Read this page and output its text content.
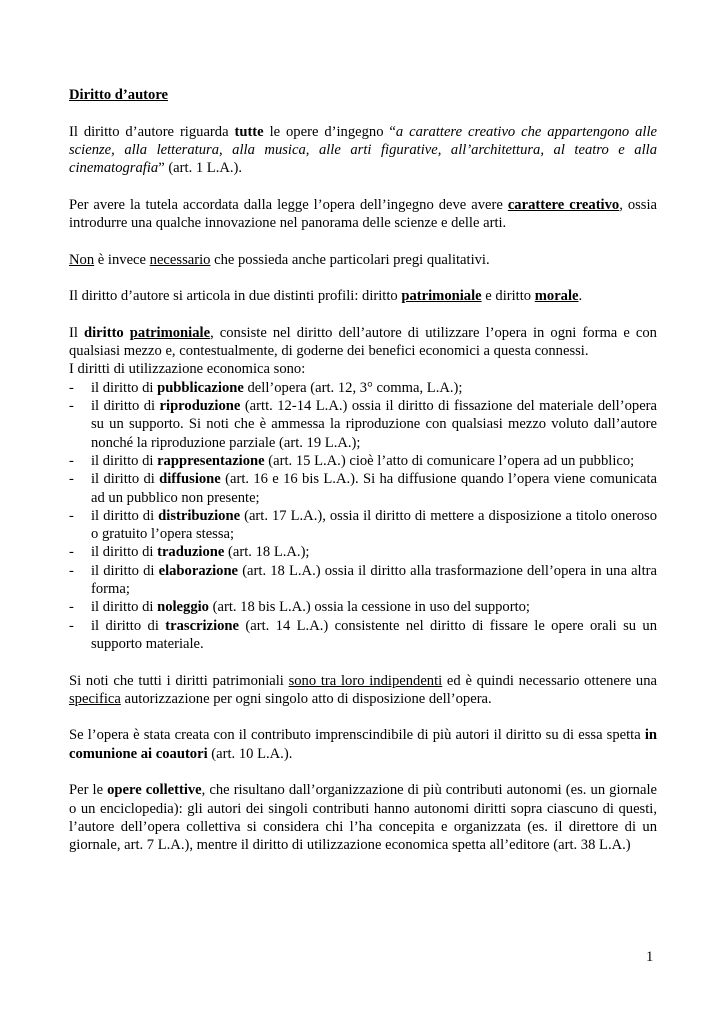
Diritto d’autore

Il diritto d’autore riguarda tutte le opere d’ingegno “a carattere creativo che appartengono alle scienze, alla letteratura, alla musica, alle arti figurative, all’architettura, al teatro e alla cinematografia” (art. 1 L.A.).

Per avere la tutela accordata dalla legge l’opera dell’ingegno deve avere carattere creativo, ossia introdurre una qualche innovazione nel panorama delle scienze e delle arti.

Non è invece necessario che possieda anche particolari pregi qualitativi.

Il diritto d’autore si articola in due distinti profili: diritto patrimoniale e diritto morale.

Il diritto patrimoniale, consiste nel diritto dell’autore di utilizzare l’opera in ogni forma e con qualsiasi mezzo e, contestualmente, di goderne dei benefici economici a questa connessi.

I diritti di utilizzazione economica sono:

- il diritto di pubblicazione dell’opera (art. 12, 3° comma, L.A.);
- il diritto di riproduzione (artt. 12-14 L.A.) ossia il diritto di fissazione del materiale dell’opera su un supporto. Si noti che è ammessa la riproduzione con qualsiasi mezzo voluto dall’autore nonché la riproduzione parziale (art. 19 L.A.);
- il diritto di rappresentazione (art. 15 L.A.) cioè l’atto di comunicare l’opera ad un pubblico;
- il diritto di diffusione (art. 16 e 16 bis L.A.). Si ha diffusione quando l’opera viene comunicata ad un pubblico non presente;
- il diritto di distribuzione (art. 17 L.A.), ossia il diritto di mettere a disposizione a titolo oneroso o gratuito l’opera stessa;
- il diritto di traduzione (art. 18 L.A.);
- il diritto di elaborazione (art. 18 L.A.) ossia il diritto alla trasformazione dell’opera in una altra forma;
- il diritto di noleggio (art. 18 bis L.A.) ossia la cessione in uso del supporto;
- il diritto di trascrizione (art. 14 L.A.) consistente nel diritto di fissare le opere orali su un supporto materiale.

Si noti che tutti i diritti patrimoniali sono tra loro indipendenti ed è quindi necessario ottenere una specifica autorizzazione per ogni singolo atto di disposizione dell’opera.

Se l’opera è stata creata con il contributo imprenscindibile di più autori il diritto su di essa spetta in comunione ai coautori (art. 10 L.A.).

Per le opere collettive, che risultano dall’organizzazione di più contributi autonomi (es. un giornale o un enciclopedia): gli autori dei singoli contributi hanno autonomi diritti sopra ciascuno di questi, l’autore dell’opera collettiva si considera chi l’ha concepita e organizzata (es. il direttore di un giornale, art. 7 L.A.), mentre il diritto di utilizzazione economica spetta all’editore (art. 38 L.A.)

1
